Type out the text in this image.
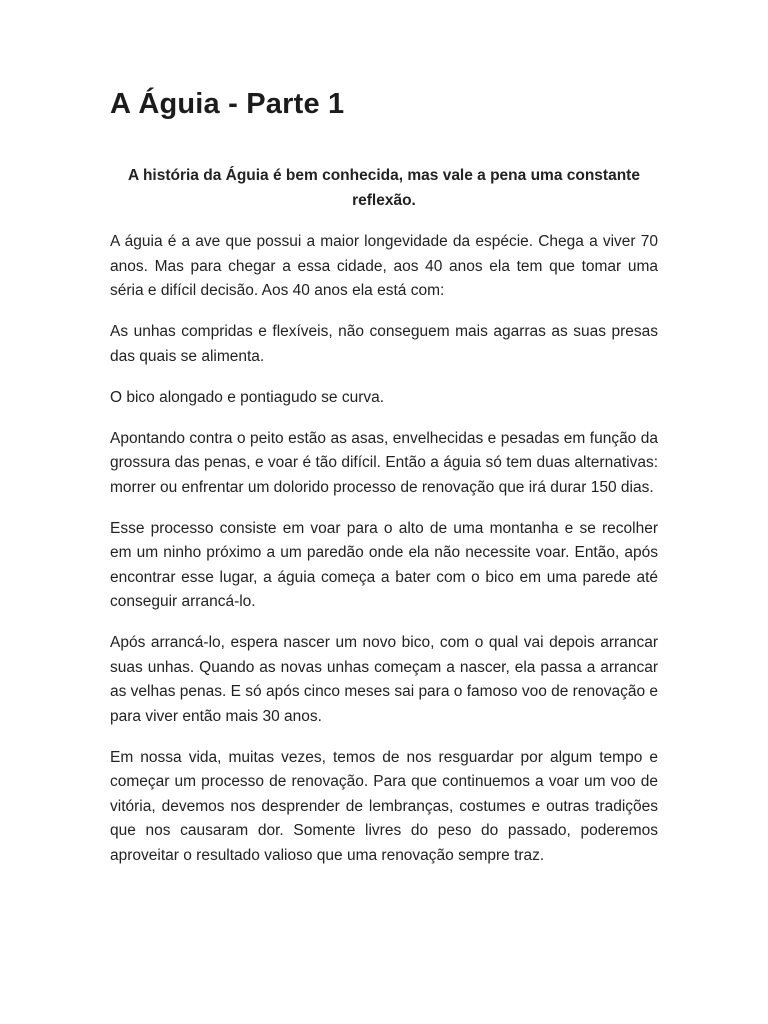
A Águia - Parte 1

A história da Águia é bem conhecida, mas vale a pena uma constante reflexão.

A águia é a ave que possui a maior longevidade da espécie. Chega a viver 70 anos. Mas para chegar a essa cidade, aos 40 anos ela tem que tomar uma séria e difícil decisão. Aos 40 anos ela está com:

As unhas compridas e flexíveis, não conseguem mais agarras as suas presas das quais se alimenta.

O bico alongado e pontiagudo se curva.

Apontando contra o peito estão as asas, envelhecidas e pesadas em função da grossura das penas, e voar é tão difícil. Então a águia só tem duas alternativas: morrer ou enfrentar um dolorido processo de renovação que irá durar 150 dias.

Esse processo consiste em voar para o alto de uma montanha e se recolher em um ninho próximo a um paredão onde ela não necessite voar. Então, após encontrar esse lugar, a águia começa a bater com o bico em uma parede até conseguir arrancá-lo.

Após arrancá-lo, espera nascer um novo bico, com o qual vai depois arrancar suas unhas. Quando as novas unhas começam a nascer, ela passa a arrancar as velhas penas. E só após cinco meses sai para o famoso voo de renovação e para viver então mais 30 anos.

Em nossa vida, muitas vezes, temos de nos resguardar por algum tempo e começar um processo de renovação. Para que continuemos a voar um voo de vitória, devemos nos desprender de lembranças, costumes e outras tradições que nos causaram dor. Somente livres do peso do passado, poderemos aproveitar o resultado valioso que uma renovação sempre traz.
